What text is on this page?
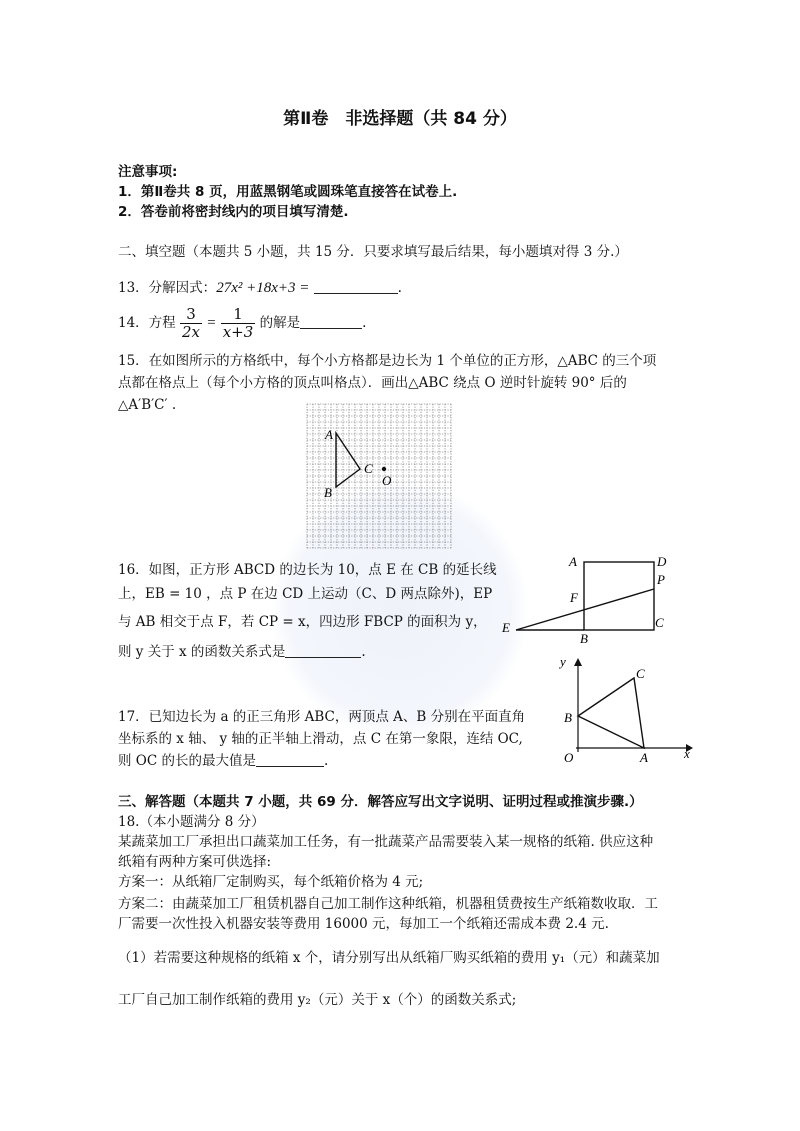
第Ⅱ卷　非选择题（共 84 分）
注意事项:
1．第Ⅱ卷共 8 页，用蓝黑钢笔或圆珠笔直接答在试卷上.
2．答卷前将密封线内的项目填写清楚.
二、填空题（本题共 5 小题，共 15 分．只要求填写最后结果，每小题填对得 3 分.）
13．分解因式：27x² +18x+3 =	.
14．方程 $\frac{3}{2x} = \frac{1}{x+3}$ 的解是	.
15．在如图所示的方格纸中，每个小方格都是边长为 1 个单位的正方形，△ABC 的三个项
点都在格点上（每个小方格的顶点叫格点）．画出△ABC 绕点 O 逆时针旋转 90° 后的
△A′B′C′ .
A
B
C
O
16．如图，正方形 ABCD 的边长为 10，点 E 在 CB 的延长线
上，EB = 10 ，点 P 在边 CD 上运动（C、D 两点除外)，EP
与 AB 相交于点 F，若 CP = x，四边形 FBCP 的面积为 y，
则 y 关于 x 的函数关系式是	.
A	D
P
F
E
B
C
17．已知边长为 a 的正三角形 ABC，两顶点 A、B 分别在平面直角
坐标系的 x 轴、 y 轴的正半轴上滑动，点 C 在第一象限，连结 OC,
则 OC 的长的最大值是	.
y
x
O	A
B
C
三、解答题（本题共 7 小题，共 69 分．解答应写出文字说明、证明过程或推演步骤.）
18.（本小题满分 8 分）
某蔬菜加工厂承担出口蔬菜加工任务，有一批蔬菜产品需要装入某一规格的纸箱. 供应这种
纸箱有两种方案可供选择:
方案一：从纸箱厂定制购买，每个纸箱价格为 4 元;
方案二：由蔬菜加工厂租赁机器自己加工制作这种纸箱，机器租赁费按生产纸箱数收取．工
厂需要一次性投入机器安装等费用 16000 元，每加工一个纸箱还需成本费 2.4 元.
（1）若需要这种规格的纸箱 x 个，请分别写出从纸箱厂购买纸箱的费用 y₁（元）和蔬菜加
工厂自己加工制作纸箱的费用 y₂（元）关于 x（个）的函数关系式;
